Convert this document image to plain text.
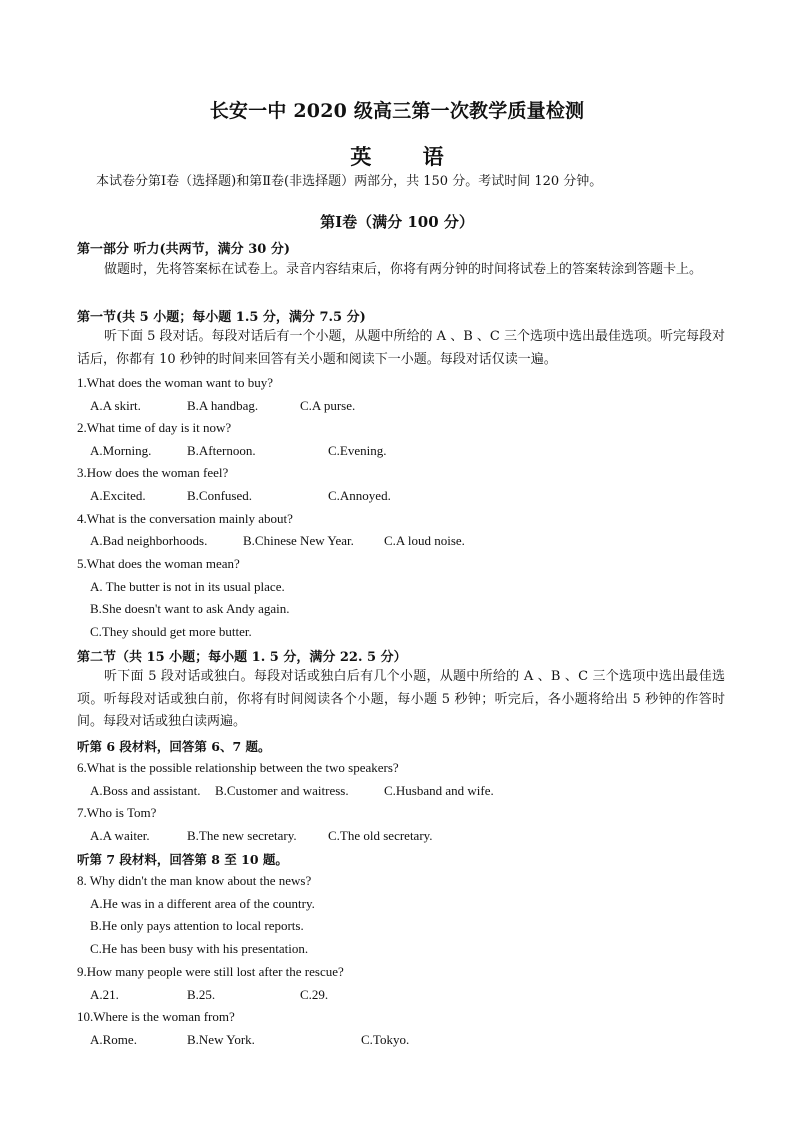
长安一中 2020 级高三第一次教学质量检测
英 语
本试卷分第Ⅰ卷（选择题)和第Ⅱ卷(非选择题）两部分，共 150 分。考试时间 120 分钟。
第Ⅰ卷（满分 100 分）
第一部分 听力(共两节，满分 30 分)
做题时，先将答案标在试卷上。录音内容结束后，你将有两分钟的时间将试卷上的答案转涂到答题卡上。
第一节(共 5 小题；每小题 1.5 分，满分 7.5 分)
听下面 5 段对话。每段对话后有一个小题，从题中所给的 A 、B 、C 三个选项中选出最佳选项。听完每段对话后，你都有 10 秒钟的时间来回答有关小题和阅读下一小题。每段对话仅读一遍。
1.What does the woman want to buy?
A.A skirt.	B.A handbag.	C.A purse.
2.What time of day is it now?
A.Morning.	B.Afternoon.	C.Evening.
3.How does the woman feel?
A.Excited.	B.Confused.	C.Annoyed.
4.What is the conversation mainly about?
A.Bad neighborhoods.	B.Chinese New Year. C.A loud noise.
5.What does the woman mean?
A. The butter is not in its usual place.
B.She doesn't want to ask Andy again.
C.They should get more butter.
第二节（共 15 小题；每小题 1. 5 分，满分 22. 5 分）
听下面 5 段对话或独白。每段对话或独白后有几个小题，从题中所给的 A 、B 、C 三个选项中选出最佳选项。听每段对话或独白前，你将有时间阅读各个小题，每小题 5 秒钟；听完后，各小题将给出 5 秒钟的作答时间。每段对话或独白读两遍。
听第 6 段材料，回答第 6、7 题。
6.What is the possible relationship between the two speakers?
A.Boss and assistant. B.Customer and waitress.	C.Husband and wife.
7.Who is Tom?
A.A waiter.	B.The new secretary. C.The old secretary.
听第 7 段材料，回答第 8 至 10 题。
8. Why didn't the man know about the news?
A.He was in a different area of the country.
B.He only pays attention to local reports.
C.He has been busy with his presentation.
9.How many people were still lost after the rescue?
A.21.	B.25.	C.29.
10.Where is the woman from?
A.Rome.	B.New York.	C.Tokyo.
